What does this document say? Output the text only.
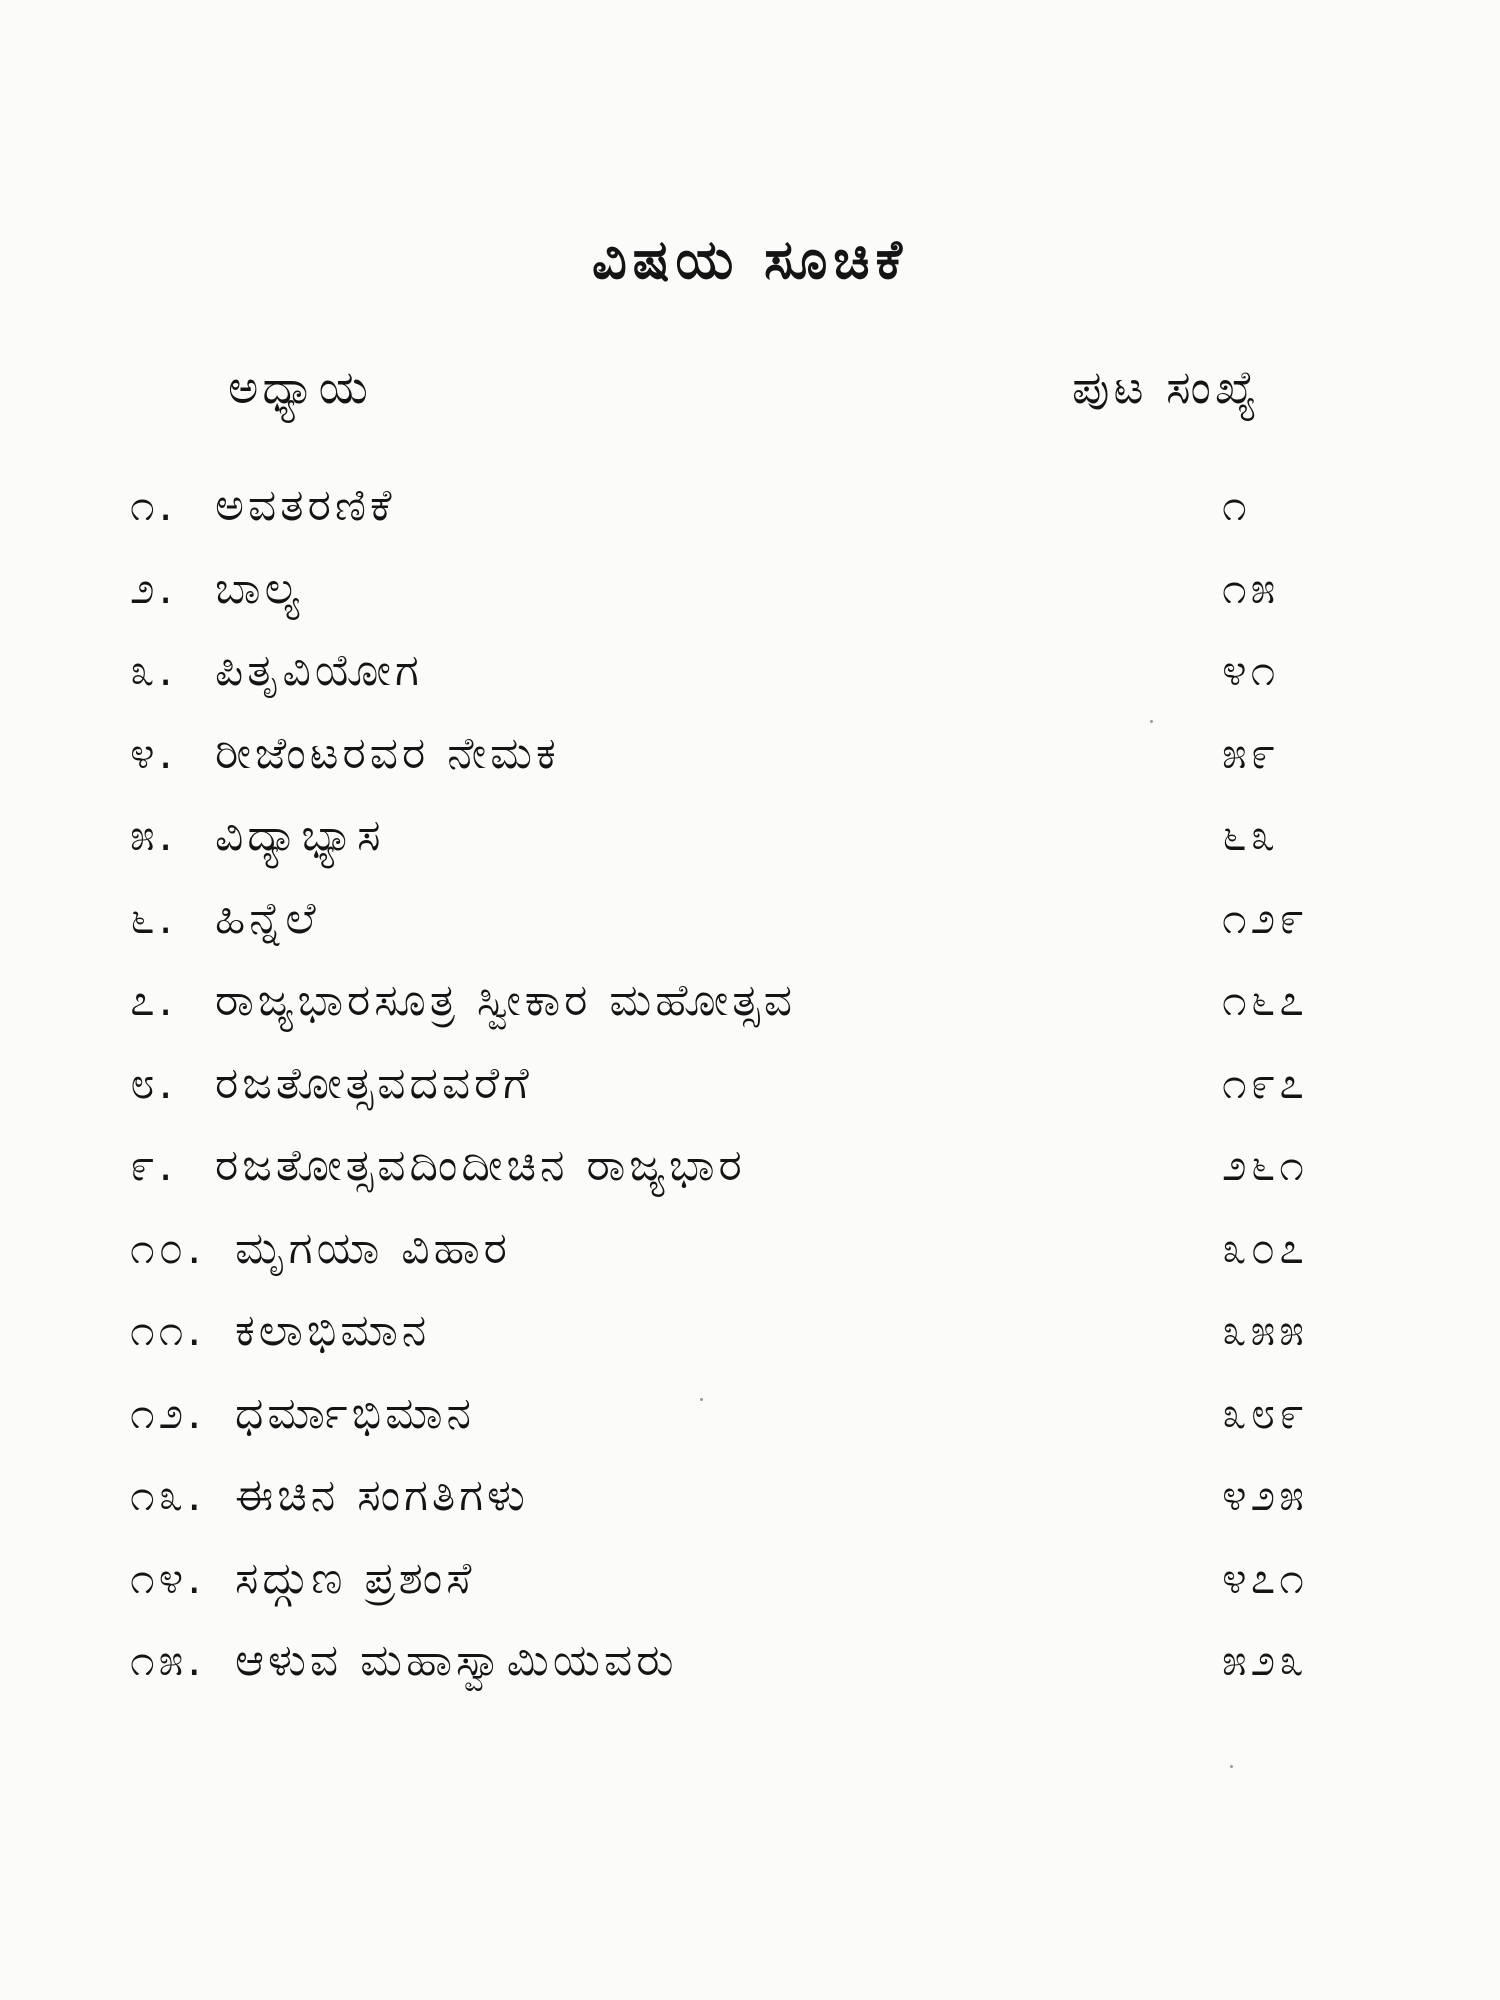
ವಿಷಯ ಸೂಚಿಕೆ
ಅಧ್ಯಾಯ	ಪುಟ ಸಂಖ್ಯೆ
೧. ಅವತರಣಿಕೆ	೧
೨. ಬಾಲ್ಯ	೧೫
೩. ಪಿತೃವಿಯೋಗ	೪೧
೪. ರೀಜೆಂಟರವರ ನೇಮಕ	೫೯
೫. ವಿದ್ಯಾಭ್ಯಾಸ	೬೩
೬. ಹಿನ್ನೆಲೆ	೧೨೯
೭. ರಾಜ್ಯಭಾರಸೂತ್ರ ಸ್ವೀಕಾರ ಮಹೋತ್ಸವ	೧೬೭
೮. ರಜತೋತ್ಸವದವರೆಗೆ	೧೯೭
೯. ರಜತೋತ್ಸವದಿಂದೀಚಿನ ರಾಜ್ಯಭಾರ	೨೬೧
೧೦. ಮೃಗಯಾ ವಿಹಾರ	೩೦೭
೧೧. ಕಲಾಭಿಮಾನ	೩೫೫
೧೨. ಧರ್ಮಾಭಿಮಾನ	೩೮೯
೧೩. ಈಚಿನ ಸಂಗತಿಗಳು	೪೨೫
೧೪. ಸದ್ಗುಣ ಪ್ರಶಂಸೆ	೪೭೧
೧೫. ಆಳುವ ಮಹಾಸ್ವಾಮಿಯವರು	೫೨೩
